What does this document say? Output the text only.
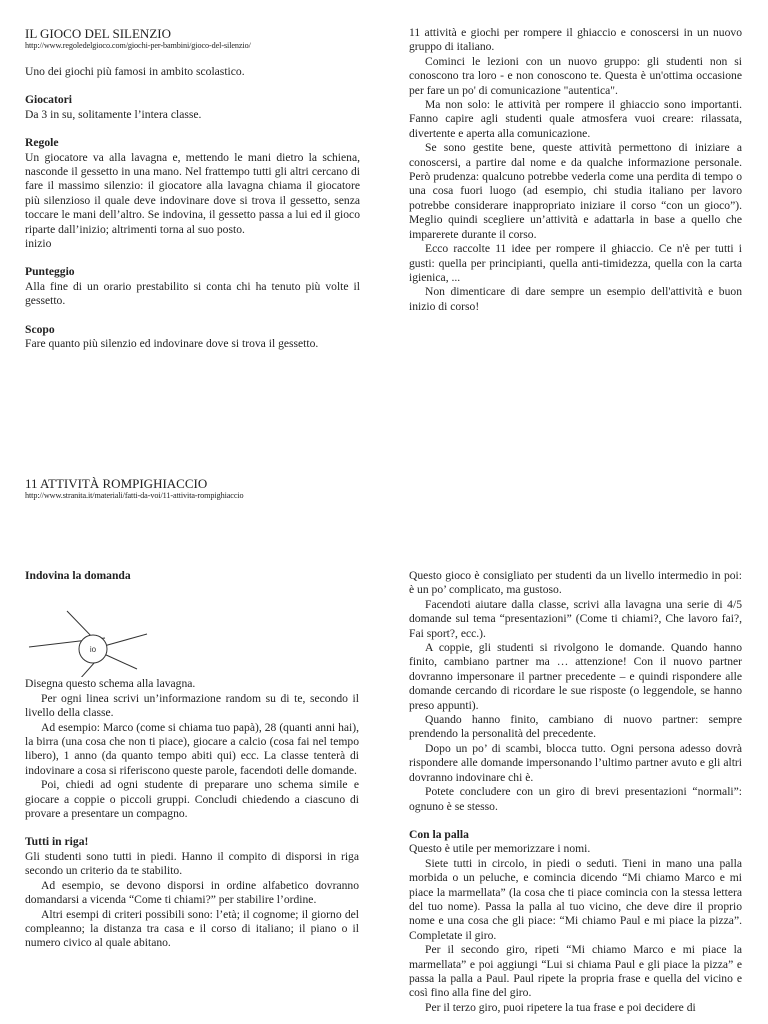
IL GIOCO DEL SILENZIO

http://www.regoledelgioco.com/giochi-per-bambini/gioco-del-silenzio/

Uno dei giochi più famosi in ambito scolastico.

Giocatori

Da 3 in su, solitamente l’intera classe.

Regole

Un giocatore va alla lavagna e, mettendo le mani dietro la schiena, nasconde il gessetto in una mano. Nel frattempo tutti gli altri cercano di fare il massimo silenzio: il giocatore alla lavagna chiama il giocatore più silenzioso il quale deve indovinare dove si trova il gessetto, senza toccare le mani dell’altro. Se indovina, il gessetto passa a lui ed il gioco riparte dall’inizio; altrimenti torna al suo posto.

inizio

Punteggio

Alla fine di un orario prestabilito si conta chi ha tenuto più volte il gessetto.

Scopo

Fare quanto più silenzio ed indovinare dove si trova il gessetto.

11 attività e giochi per rompere il ghiaccio e conoscersi in un nuovo gruppo di italiano.

Cominci le lezioni con un nuovo gruppo: gli studenti non si conoscono tra loro - e non conoscono te. Questa è un'ottima occasione per fare un po' di comunicazione "autentica".

Ma non solo: le attività per rompere il ghiaccio sono importanti. Fanno capire agli studenti quale atmosfera vuoi creare: rilassata, divertente e aperta alla comunicazione.

Se sono gestite bene, queste attività permettono di iniziare a conoscersi, a partire dal nome e da qualche informazione personale. Però prudenza: qualcuno potrebbe vederla come una perdita di tempo o una cosa fuori luogo (ad esempio, chi studia italiano per lavoro potrebbe considerare inappropriato iniziare il corso “con un gioco”). Meglio quindi scegliere un’attività e adattarla in base a quello che imparerete durante il corso.

Ecco raccolte 11 idee per rompere il ghiaccio. Ce n'è per tutti i gusti: quella per principianti, quella anti-timidezza, quella con la carta igienica, ...

Non dimenticare di dare sempre un esempio dell'attività e buon inizio di corso!

11 ATTIVITÀ ROMPIGHIACCIO

http://www.stranita.it/materiali/fatti-da-voi/11-attivita-rompighiaccio

Indovina la domanda

io

Disegna questo schema alla lavagna.

Per ogni linea scrivi un’informazione random su di te, secondo il livello della classe.

Ad esempio: Marco (come si chiama tuo papà), 28 (quanti anni hai), la birra (una cosa che non ti piace), giocare a calcio (cosa fai nel tempo libero), 1 anno (da quanto tempo abiti qui) ecc. La classe tenterà di indovinare a cosa si riferiscono queste parole, facendoti delle domande.

Poi, chiedi ad ogni studente di preparare uno schema simile e giocare a coppie o piccoli gruppi. Concludi chiedendo a ciascuno di provare a presentare un compagno.

Tutti in riga!

Gli studenti sono tutti in piedi. Hanno il compito di disporsi in riga secondo un criterio da te stabilito.

Ad esempio, se devono disporsi in ordine alfabetico dovranno domandarsi a vicenda “Come ti chiami?” per stabilire l’ordine.

Altri esempi di criteri possibili sono: l’età; il cognome; il giorno del compleanno; la distanza tra casa e il corso di italiano; il piano o il numero civico al quale abitano.

Questo gioco è consigliato per studenti da un livello intermedio in poi: è un po’ complicato, ma gustoso.

Facendoti aiutare dalla classe, scrivi alla lavagna una serie di 4/5 domande sul tema “presentazioni” (Come ti chiami?, Che lavoro fai?, Fai sport?, ecc.).

A coppie, gli studenti si rivolgono le domande. Quando hanno finito, cambiano partner ma … attenzione! Con il nuovo partner dovranno impersonare il partner precedente – e quindi rispondere alle domande cercando di ricordare le sue risposte (o leggendole, se hanno preso appunti).

Quando hanno finito, cambiano di nuovo partner: sempre prendendo la personalità del precedente.

Dopo un po’ di scambi, blocca tutto. Ogni persona adesso dovrà rispondere alle domande impersonando l’ultimo partner avuto e gli altri dovranno indovinare chi è.

Potete concludere con un giro di brevi presentazioni “normali”: ognuno è se stesso.

Con la palla

Questo è utile per memorizzare i nomi.

Siete tutti in circolo, in piedi o seduti. Tieni in mano una palla morbida o un peluche, e comincia dicendo “Mi chiamo Marco e mi piace la marmellata” (la cosa che ti piace comincia con la stessa lettera del tuo nome). Passa la palla al tuo vicino, che deve dire il proprio nome e una cosa che gli piace: “Mi chiamo Paul e mi piace la pizza”. Completate il giro.

Per il secondo giro, ripeti “Mi chiamo Marco e mi piace la marmellata” e poi aggiungi “Lui si chiama Paul e gli piace la pizza” e passa la palla a Paul. Paul ripete la propria frase e quella del vicino e così fino alla fine del giro.

Per il terzo giro, puoi ripetere la tua frase e poi decidere di
